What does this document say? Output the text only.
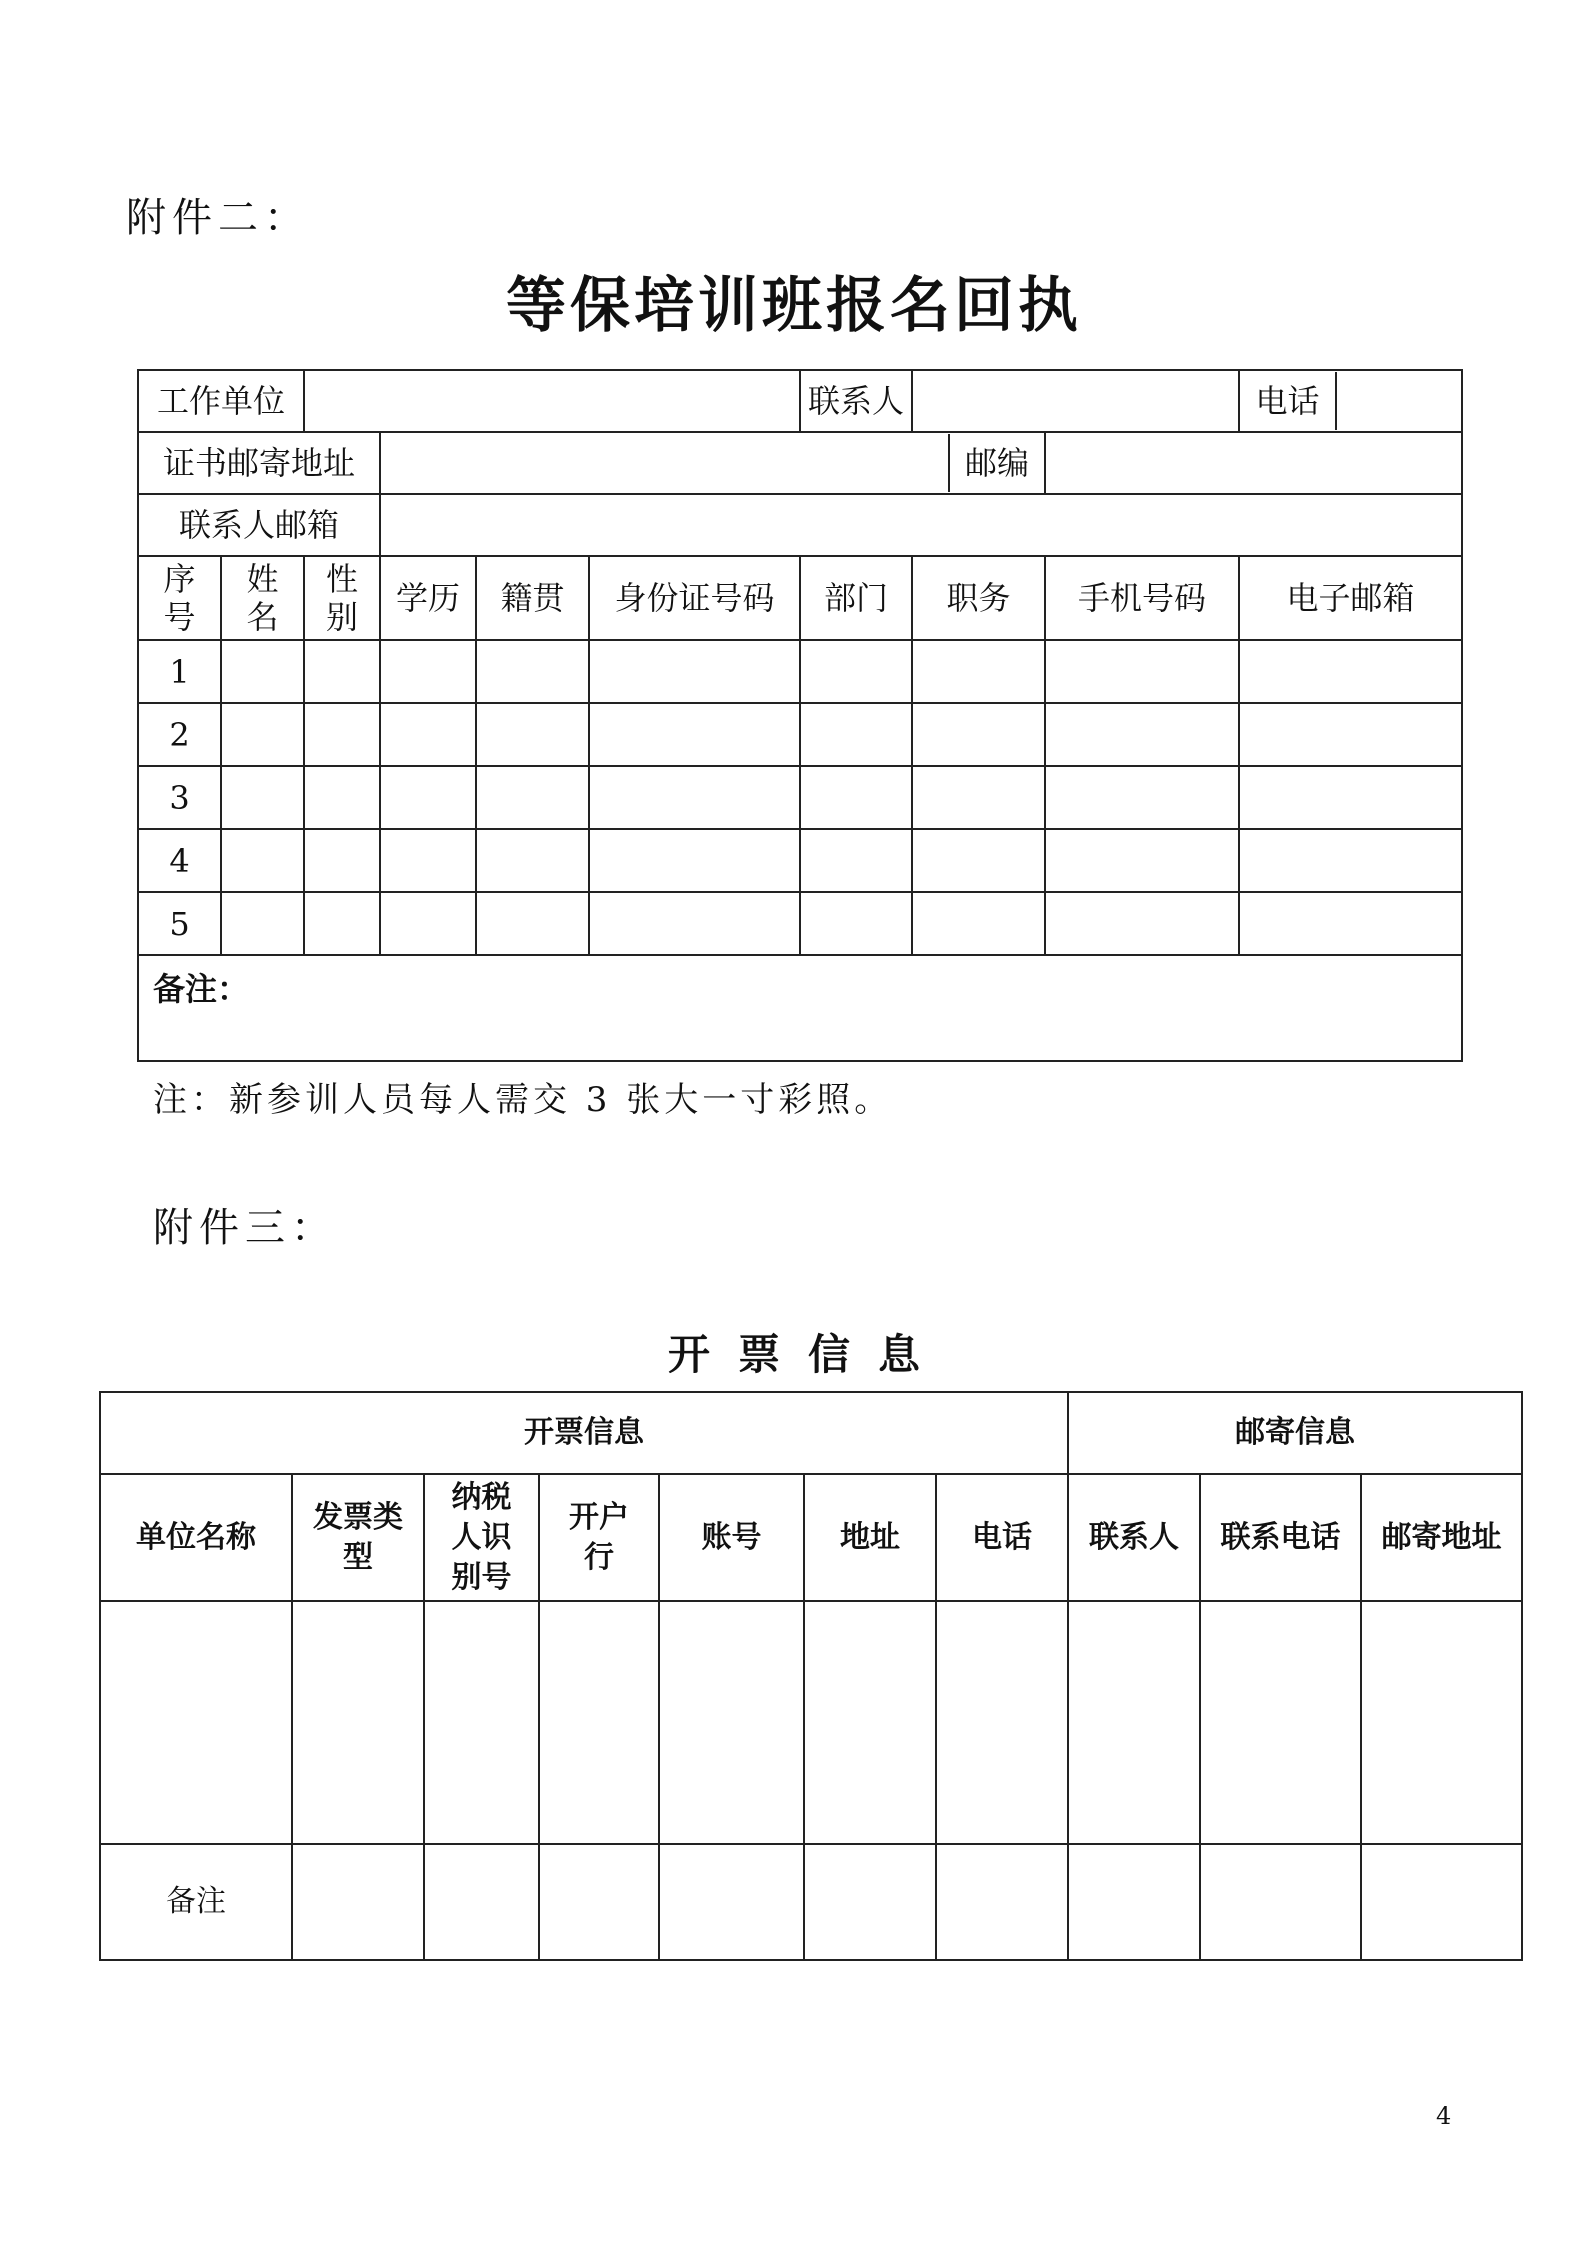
附件二：
等保培训班报名回执
工作单位						联系人			电话

证书邮寄地址			邮编						

联系人邮箱									

序号	姓名	性别	学历	籍贯	身份证号码	部门	职务	手机号码	电子邮箱
1									
2									
3									
4									
5									
备注：									
注：新参训人员每人需交 3 张大一寸彩照。
附件三：
开票信息
开票信息							邮寄信息		
单位名称	发票类型	纳税人识别号	开户行	账号	地址	电话	联系人	联系电话	邮寄地址

备注									
4
